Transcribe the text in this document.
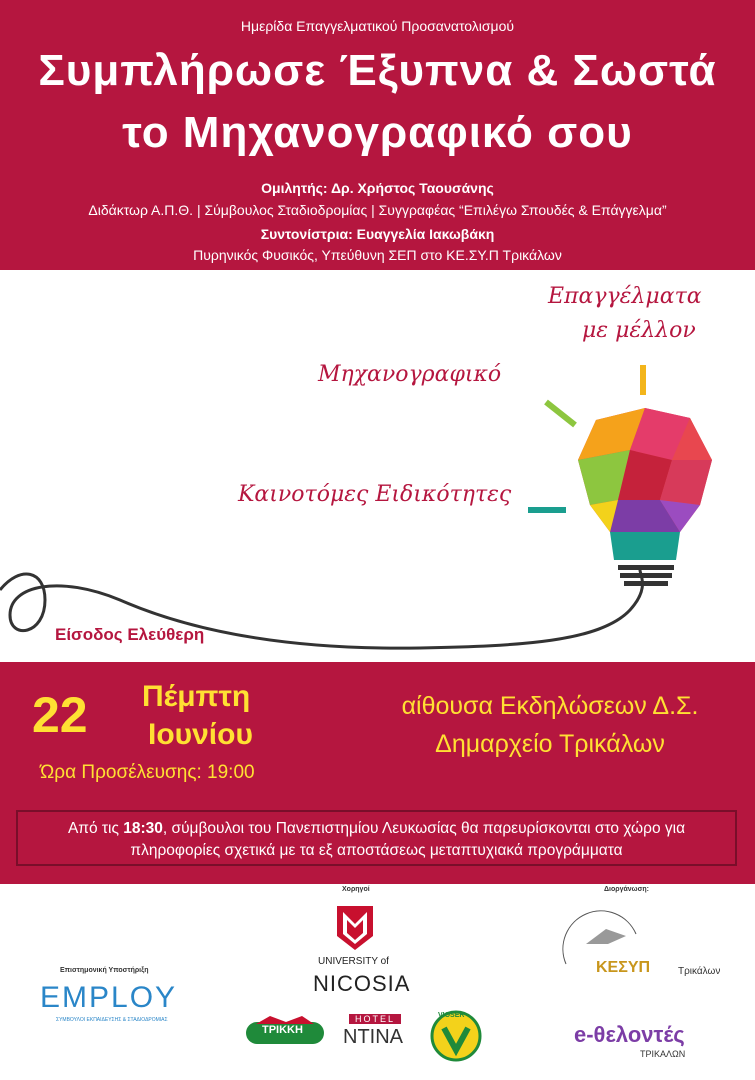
Ημερίδα Επαγγελματικού Προσανατολισμού
Συμπλήρωσε Έξυπνα & Σωστά
το Μηχανογραφικό σου
Ομιλητής: Δρ. Χρήστος Ταουσάνης
Διδάκτωρ Α.Π.Θ. | Σύμβουλος Σταδιοδρομίας | Συγγραφέας “Επιλέγω Σπουδές & Επάγγελμα”
Συντονίστρια: Ευαγγελία Ιακωβάκη
Πυρηνικός Φυσικός, Υπεύθυνη ΣΕΠ στο ΚΕ.ΣΥ.Π Τρικάλων
Επαγγέλματα
με μέλλον
Μηχανογραφικό
Καινοτόμες Ειδικότητες
Είσοδος Ελεύθερη
22 Πέμπτη
Ιουνίου
Ώρα Προσέλευσης: 19:00
αίθουσα Εκδηλώσεων Δ.Σ.
Δημαρχείο Τρικάλων
Από τις 18:30, σύμβουλοι του Πανεπιστημίου Λευκωσίας θα παρευρίσκονται στο χώρο για πληροφορίες σχετικά με τα εξ αποστάσεως μεταπτυχιακά προγράμματα
Χορηγοί	Διοργάνωση:
Επιστημονική Υποστήριξη
EMPLOY
ΣΥΜΒΟΥΛΟΙ ΕΚΠΑΙΔΕΥΣΗΣ & ΣΤΑΔΙΟΔΡΟΜΙΑΣ
UNIVERSITY of
NICOSIA
ΤΡΙΚΚΗ
HOTEL
NTINA
VIOSER
ΚΕΣΥΠ	Τρικάλων
e-θελοντές
ΤΡΙΚΑΛΩΝ
